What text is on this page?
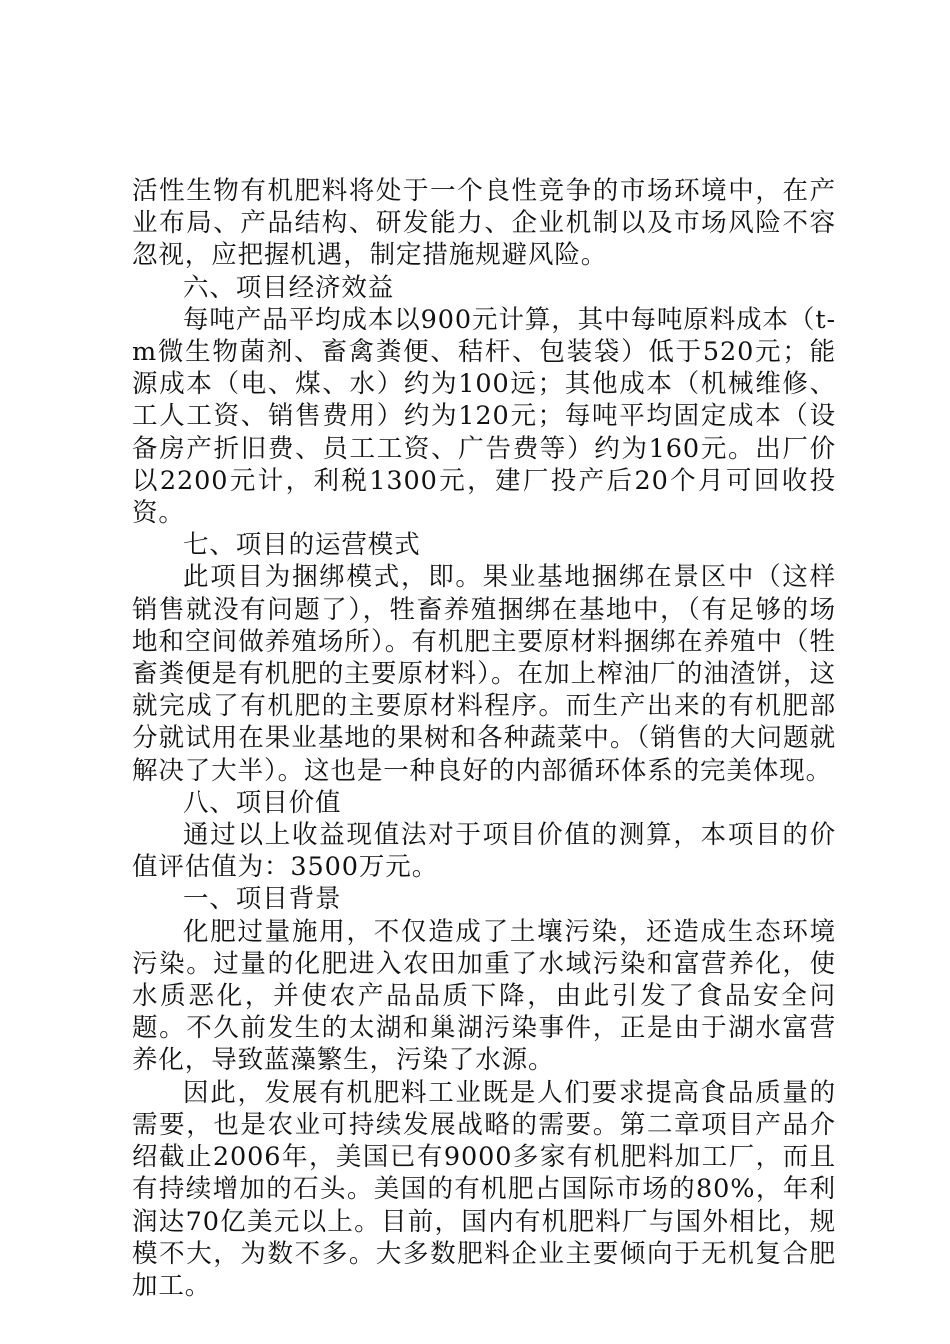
活性生物有机肥料将处于一个良性竞争的市场环境中，在产业布局、产品结构、研发能力、企业机制以及市场风险不容忽视，应把握机遇，制定措施规避风险。

六、项目经济效益

每吨产品平均成本以900元计算，其中每吨原料成本（t-m微生物菌剂、畜禽粪便、秸杆、包装袋）低于520元；能源成本（电、煤、水）约为100远；其他成本（机械维修、工人工资、销售费用）约为120元；每吨平均固定成本（设备房产折旧费、员工工资、广告费等）约为160元。出厂价以2200元计，利税1300元，建厂投产后20个月可回收投资。

七、项目的运营模式

此项目为捆绑模式，即。果业基地捆绑在景区中（这样销售就没有问题了），牲畜养殖捆绑在基地中，（有足够的场地和空间做养殖场所）。有机肥主要原材料捆绑在养殖中（牲畜粪便是有机肥的主要原材料）。在加上榨油厂的油渣饼，这就完成了有机肥的主要原材料程序。而生产出来的有机肥部分就试用在果业基地的果树和各种蔬菜中。（销售的大问题就解决了大半）。这也是一种良好的内部循环体系的完美体现。

八、项目价值

通过以上收益现值法对于项目价值的测算，本项目的价值评估值为：3500万元。

一、项目背景

化肥过量施用，不仅造成了土壤污染，还造成生态环境污染。过量的化肥进入农田加重了水域污染和富营养化，使水质恶化，并使农产品品质下降，由此引发了食品安全问题。不久前发生的太湖和巢湖污染事件，正是由于湖水富营养化，导致蓝藻繁生，污染了水源。

因此，发展有机肥料工业既是人们要求提高食品质量的需要，也是农业可持续发展战略的需要。第二章项目产品介绍截止2006年，美国已有9000多家有机肥料加工厂，而且有持续增加的石头。美国的有机肥占国际市场的80%，年利润达70亿美元以上。目前，国内有机肥料厂与国外相比，规模不大，为数不多。大多数肥料企业主要倾向于无机复合肥加工。
